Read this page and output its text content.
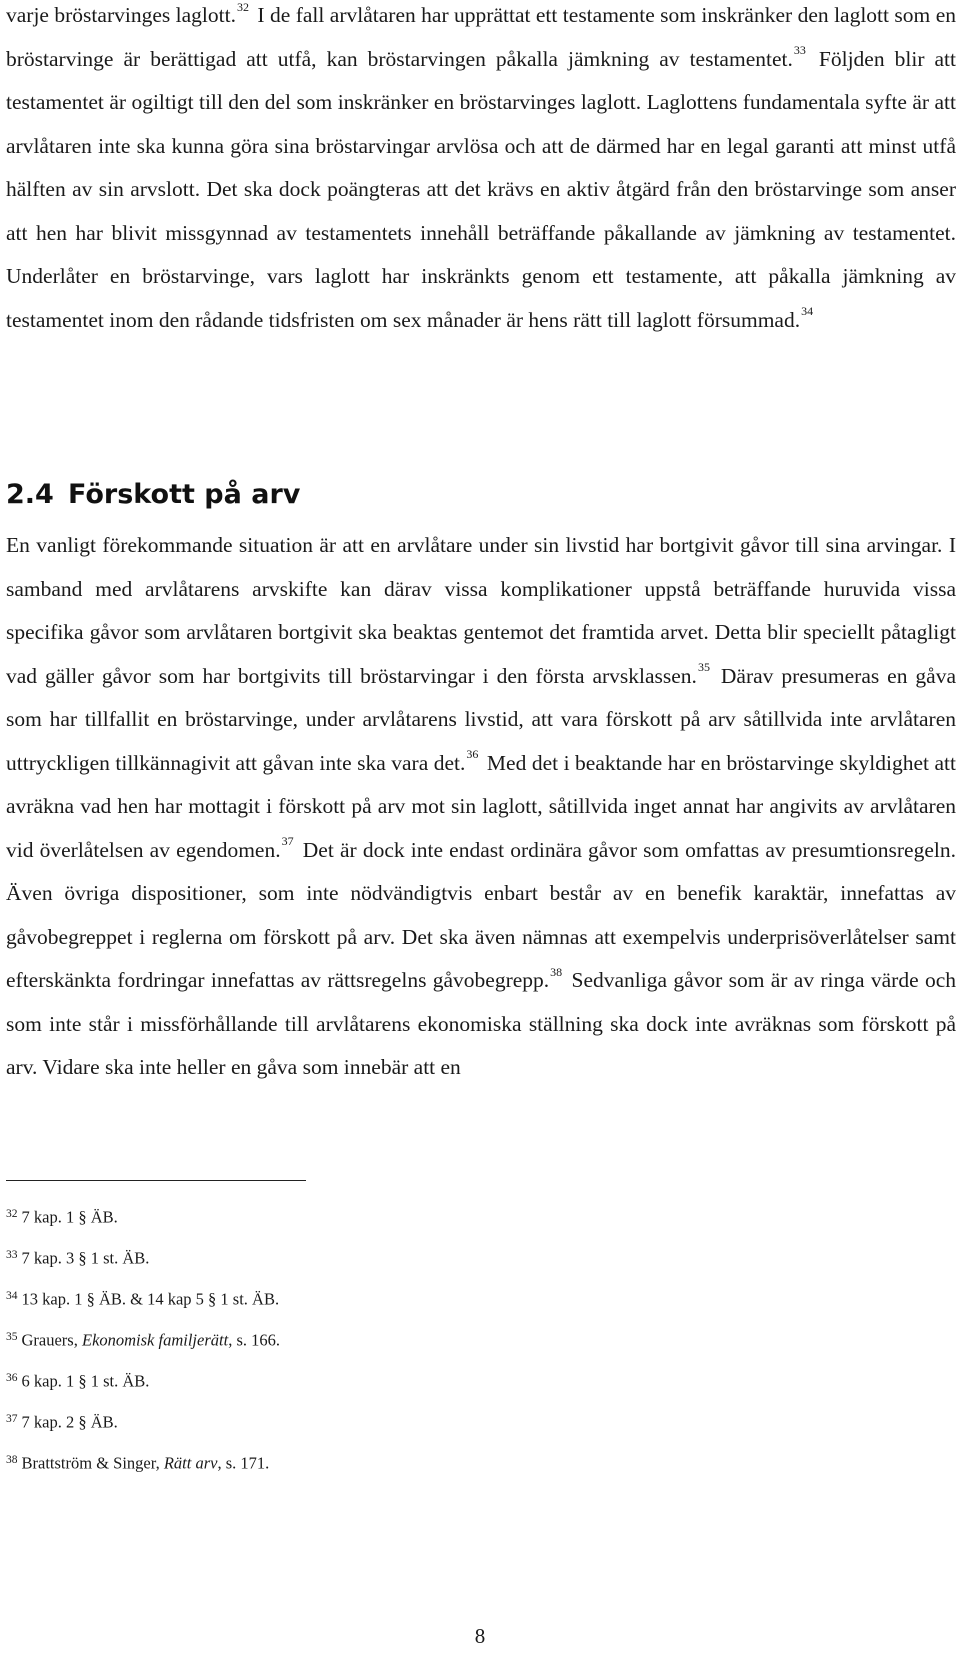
varje bröstarvinges laglott.$^{32}$ I de fall arvlåtaren har upprättat ett testamente som inskränker den laglott som en bröstarvinge är berättigad att utfå, kan bröstarvingen påkalla jämkning av testamentet.$^{33}$ Följden blir att testamentet är ogiltigt till den del som inskränker en bröstarvinges laglott. Laglottens fundamentala syfte är att arvlåtaren inte ska kunna göra sina bröstarvingar arvlösa och att de därmed har en legal garanti att minst utfå hälften av sin arvslott. Det ska dock poängteras att det krävs en aktiv åtgärd från den bröstarvinge som anser att hen har blivit missgynnad av testamentets innehåll beträffande påkallande av jämkning av testamentet. Underlåter en bröstarvinge, vars laglott har inskränkts genom ett testamente, att påkalla jämkning av testamentet inom den rådande tidsfristen om sex månader är hens rätt till laglott försummad.$^{34}$

2.4 Förskott på arv

En vanligt förekommande situation är att en arvlåtare under sin livstid har bortgivit gåvor till sina arvingar. I samband med arvlåtarens arvskifte kan därav vissa komplikationer uppstå beträffande huruvida vissa specifika gåvor som arvlåtaren bortgivit ska beaktas gentemot det framtida arvet. Detta blir speciellt påtagligt vad gäller gåvor som har bortgivits till bröstarvingar i den första arvsklassen.$^{35}$ Därav presumeras en gåva som har tillfallit en bröstarvinge, under arvlåtarens livstid, att vara förskott på arv såtillvida inte arvlåtaren uttryckligen tillkännagivit att gåvan inte ska vara det.$^{36}$ Med det i beaktande har en bröstarvinge skyldighet att avräkna vad hen har mottagit i förskott på arv mot sin laglott, såtillvida inget annat har angivits av arvlåtaren vid överlåtelsen av egendomen.$^{37}$ Det är dock inte endast ordinära gåvor som omfattas av presumtionsregeln. Även övriga dispositioner, som inte nödvändigtvis enbart består av en benefik karaktär, innefattas av gåvobegreppet i reglerna om förskott på arv. Det ska även nämnas att exempelvis underprisöverlåtelser samt efterskänkta fordringar innefattas av rättsregelns gåvobegrepp.$^{38}$ Sedvanliga gåvor som är av ringa värde och som inte står i missförhållande till arvlåtarens ekonomiska ställning ska dock inte avräknas som förskott på arv. Vidare ska inte heller en gåva som innebär att en

$^{32}$ 7 kap. 1 § ÄB.
$^{33}$ 7 kap. 3 § 1 st. ÄB.
$^{34}$ 13 kap. 1 § ÄB. & 14 kap 5 § 1 st. ÄB.
$^{35}$ Grauers, Ekonomisk familjerätt, s. 166.
$^{36}$ 6 kap. 1 § 1 st. ÄB.
$^{37}$ 7 kap. 2 § ÄB.
$^{38}$ Brattström & Singer, Rätt arv, s. 171.
8
